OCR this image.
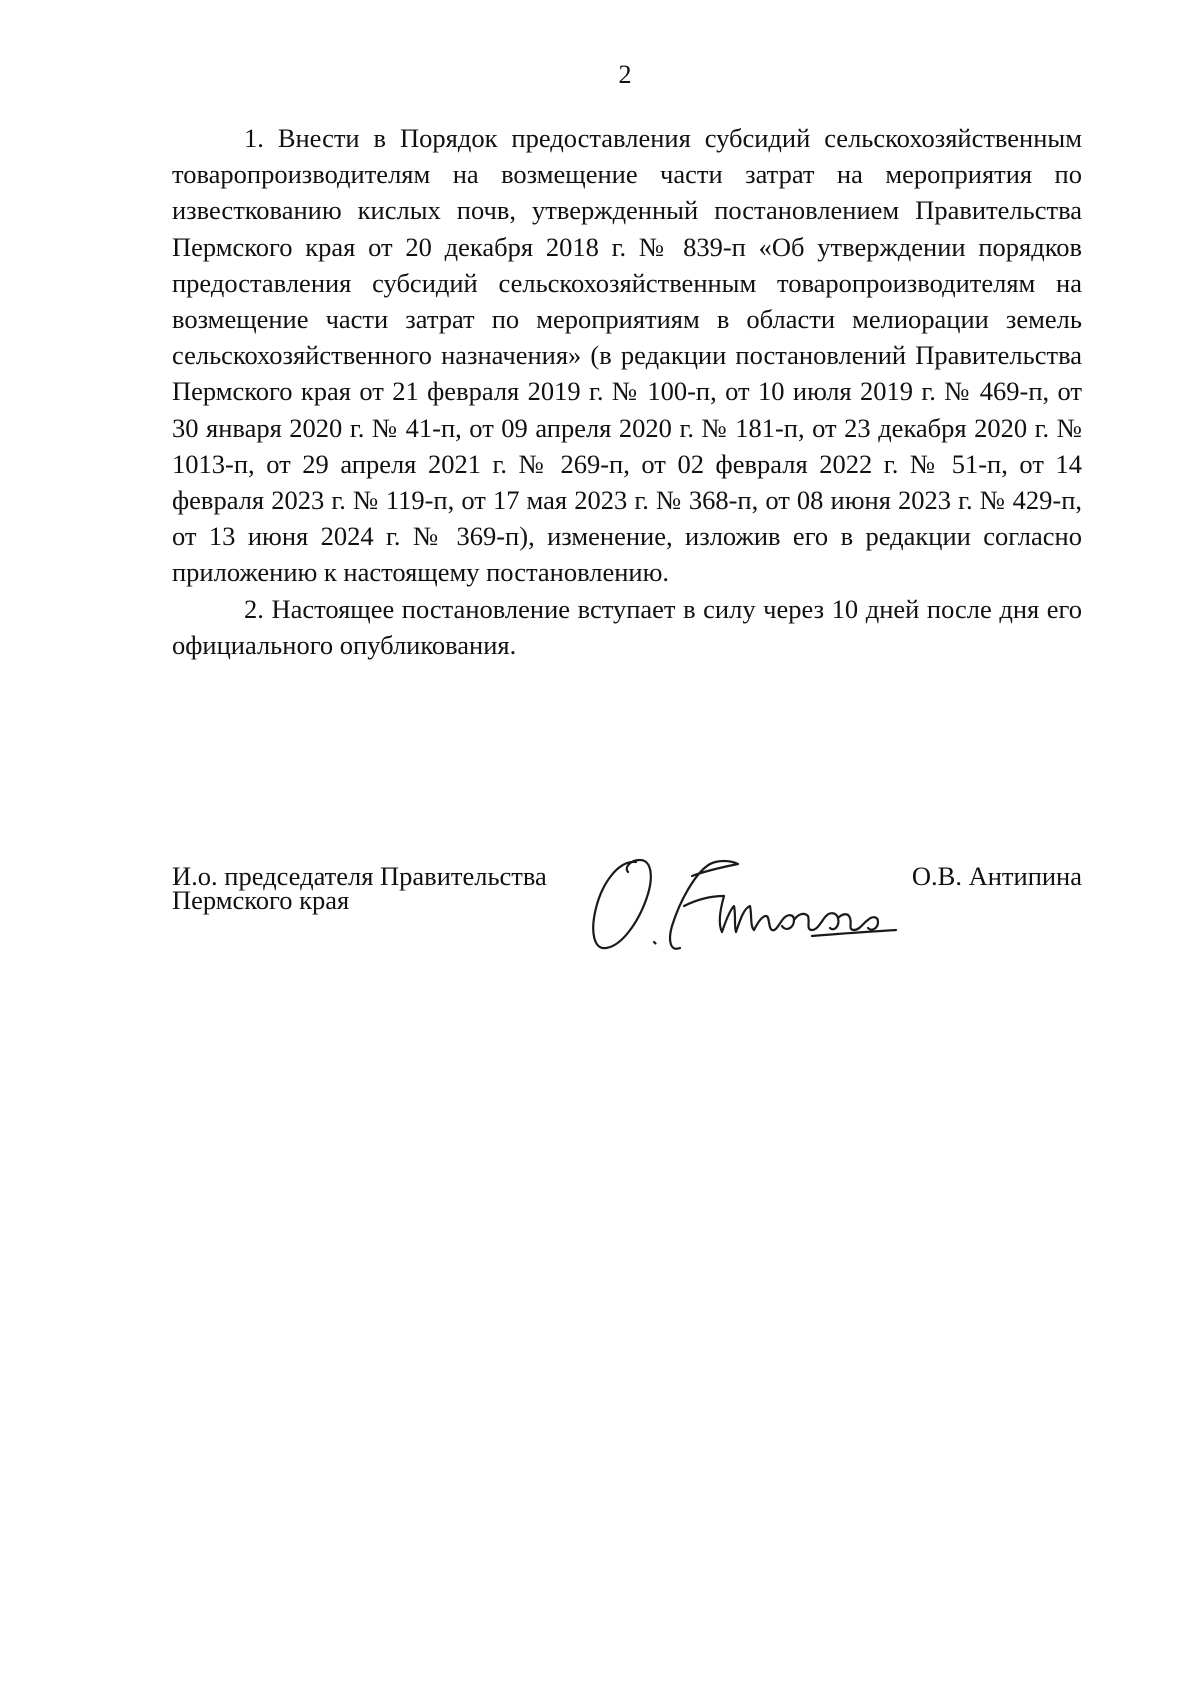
2

1. Внести в Порядок предоставления субсидий сельскохозяйственным товаропроизводителям на возмещение части затрат на мероприятия по известкованию кислых почв, утвержденный постановлением Правительства Пермского края от 20 декабря 2018 г. № 839-п «Об утверждении порядков предоставления субсидий сельскохозяйственным товаропроизводителям на возмещение части затрат по мероприятиям в области мелиорации земель сельскохозяйственного назначения» (в редакции постановлений Правительства Пермского края от 21 февраля 2019 г. № 100-п, от 10 июля 2019 г. № 469-п, от 30 января 2020 г. № 41-п, от 09 апреля 2020 г. № 181-п, от 23 декабря 2020 г. № 1013-п, от 29 апреля 2021 г. № 269-п, от 02 февраля 2022 г. № 51-п, от 14 февраля 2023 г. № 119-п, от 17 мая 2023 г. № 368-п, от 08 июня 2023 г. № 429-п, от 13 июня 2024 г. № 369-п), изменение, изложив его в редакции согласно приложению к настоящему постановлению.

2. Настоящее постановление вступает в силу через 10 дней после дня его официального опубликования.

И.о. председателя Правительства
Пермского края
О.В. Антипина
